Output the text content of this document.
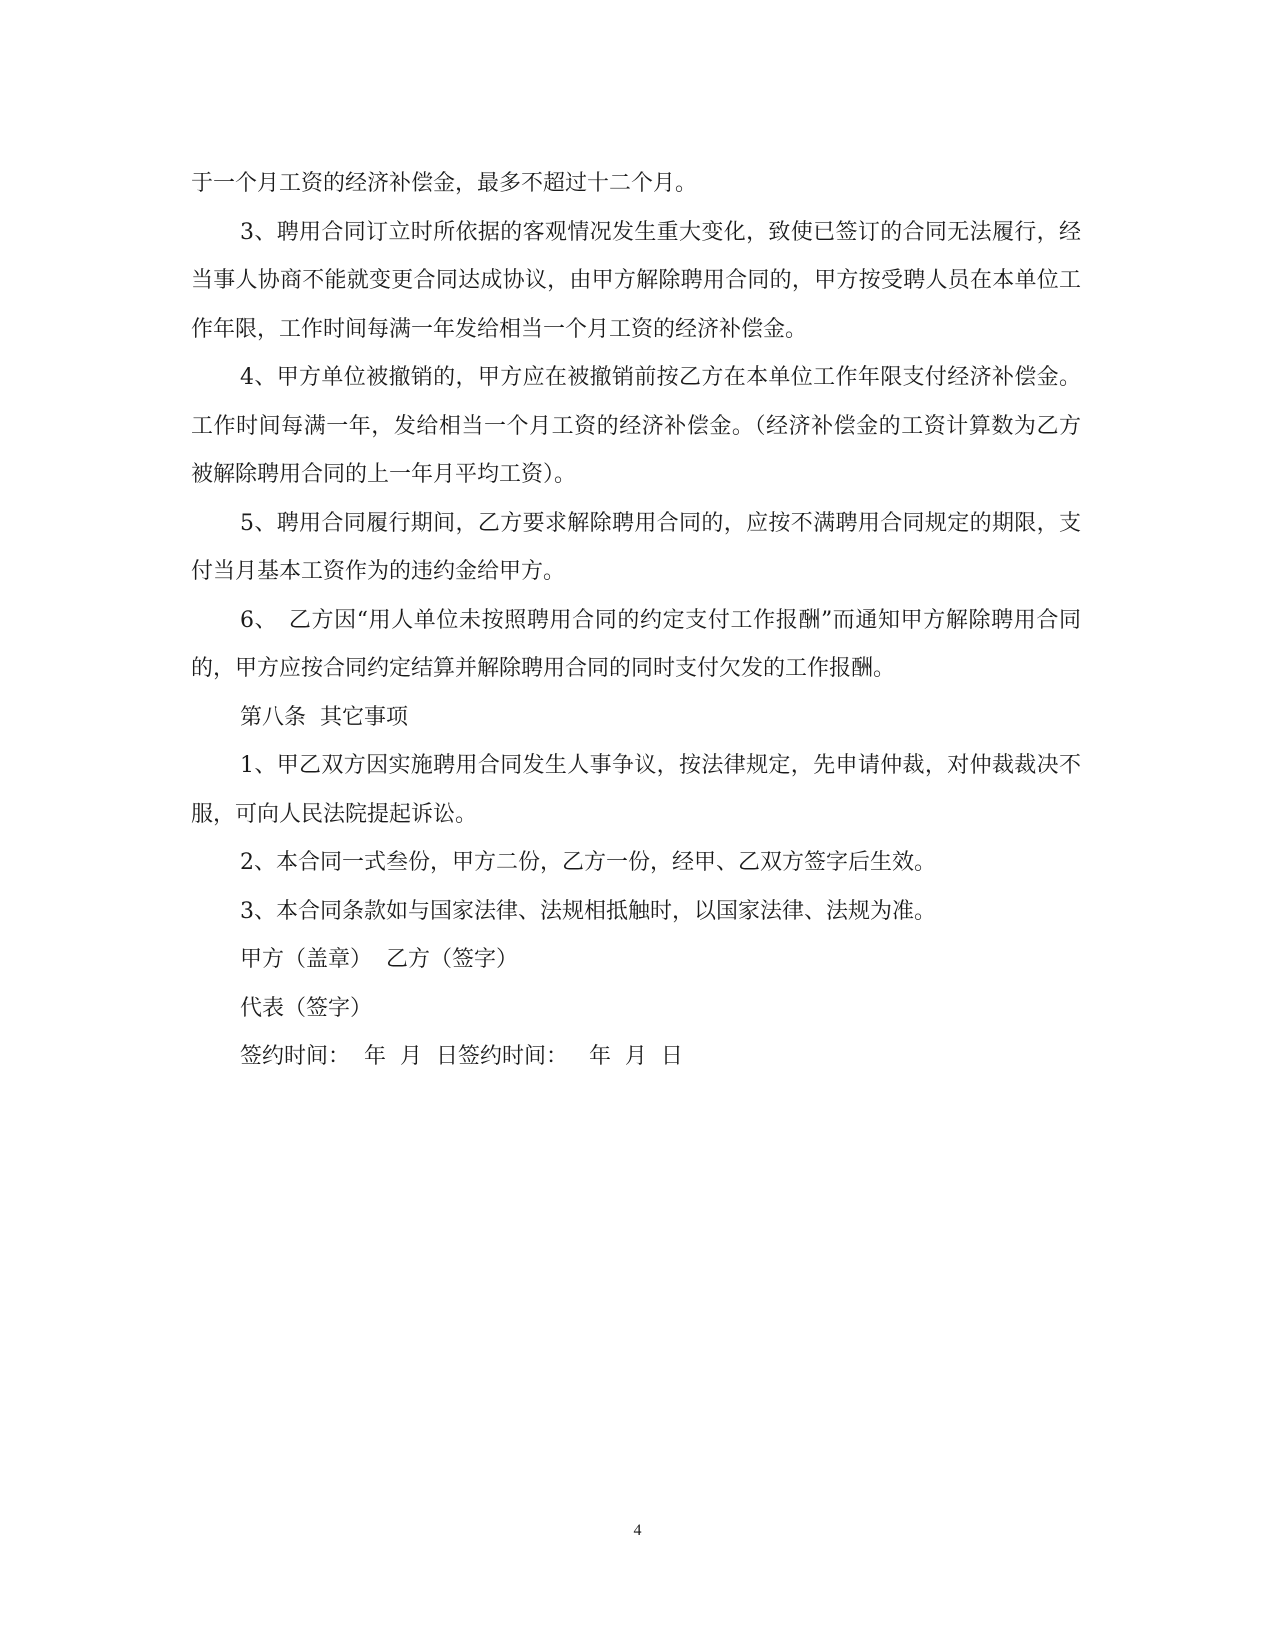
于一个月工资的经济补偿金，最多不超过十二个月。

3、聘用合同订立时所依据的客观情况发生重大变化，致使已签订的合同无法履行，经当事人协商不能就变更合同达成协议，由甲方解除聘用合同的，甲方按受聘人员在本单位工作年限，工作时间每满一年发给相当一个月工资的经济补偿金。

4、甲方单位被撤销的，甲方应在被撤销前按乙方在本单位工作年限支付经济补偿金。工作时间每满一年，发给相当一个月工资的经济补偿金。（经济补偿金的工资计算数为乙方被解除聘用合同的上一年月平均工资）。

5、聘用合同履行期间，乙方要求解除聘用合同的，应按不满聘用合同规定的期限，支付当月基本工资作为的违约金给甲方。

6、　乙方因“用人单位未按照聘用合同的约定支付工作报酬”而通知甲方解除聘用合同的，甲方应按合同约定结算并解除聘用合同的同时支付欠发的工作报酬。

第八条  其它事项

1、甲乙双方因实施聘用合同发生人事争议，按法律规定，先申请仲裁，对仲裁裁决不服，可向人民法院提起诉讼。

2、本合同一式叁份，甲方二份，乙方一份，经甲、乙双方签字后生效。

3、本合同条款如与国家法律、法规相抵触时，以国家法律、法规为准。

甲方（盖章）  乙方（签字）

代表（签字）

签约时间：  年  月  日签约时间：   年  月  日

4
